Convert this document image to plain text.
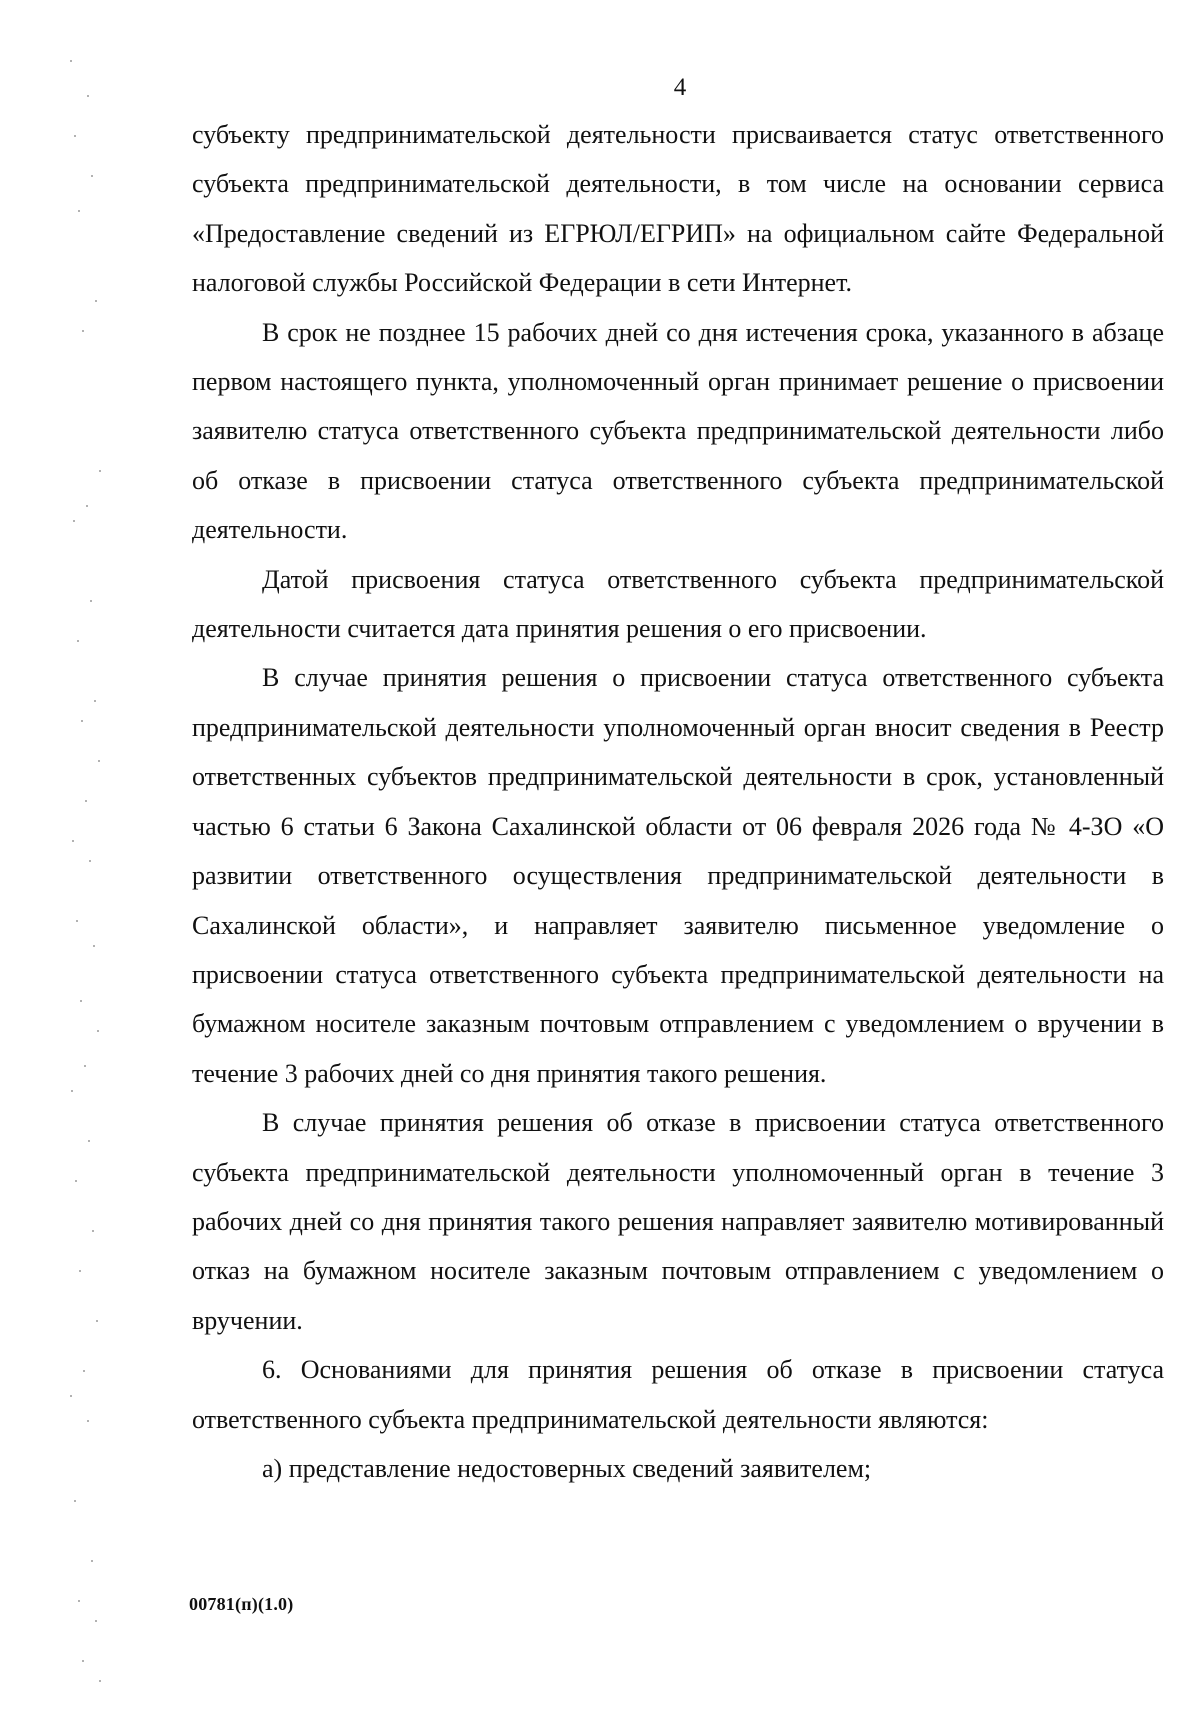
4

субъекту предпринимательской деятельности присваивается статус ответственного субъекта предпринимательской деятельности, в том числе на основании сервиса «Предоставление сведений из ЕГРЮЛ/ЕГРИП» на официальном сайте Федеральной налоговой службы Российской Федерации в сети Интернет.

В срок не позднее 15 рабочих дней со дня истечения срока, указанного в абзаце первом настоящего пункта, уполномоченный орган принимает решение о присвоении заявителю статуса ответственного субъекта предпринимательской деятельности либо об отказе в присвоении статуса ответственного субъекта предпринимательской деятельности.

Датой присвоения статуса ответственного субъекта предпринимательской деятельности считается дата принятия решения о его присвоении.

В случае принятия решения о присвоении статуса ответственного субъекта предпринимательской деятельности уполномоченный орган вносит сведения в Реестр ответственных субъектов предпринимательской деятельности в срок, установленный частью 6 статьи 6 Закона Сахалинской области от 06 февраля 2026 года № 4-ЗО «О развитии ответственного осуществления предпринимательской деятельности в Сахалинской области», и направляет заявителю письменное уведомление о присвоении статуса ответственного субъекта предпринимательской деятельности на бумажном носителе заказным почтовым отправлением с уведомлением о вручении в течение 3 рабочих дней со дня принятия такого решения.

В случае принятия решения об отказе в присвоении статуса ответственного субъекта предпринимательской деятельности уполномоченный орган в течение 3 рабочих дней со дня принятия такого решения направляет заявителю мотивированный отказ на бумажном носителе заказным почтовым отправлением с уведомлением о вручении.

6. Основаниями для принятия решения об отказе в присвоении статуса ответственного субъекта предпринимательской деятельности являются:

а) представление недостоверных сведений заявителем;

00781(п)(1.0)
